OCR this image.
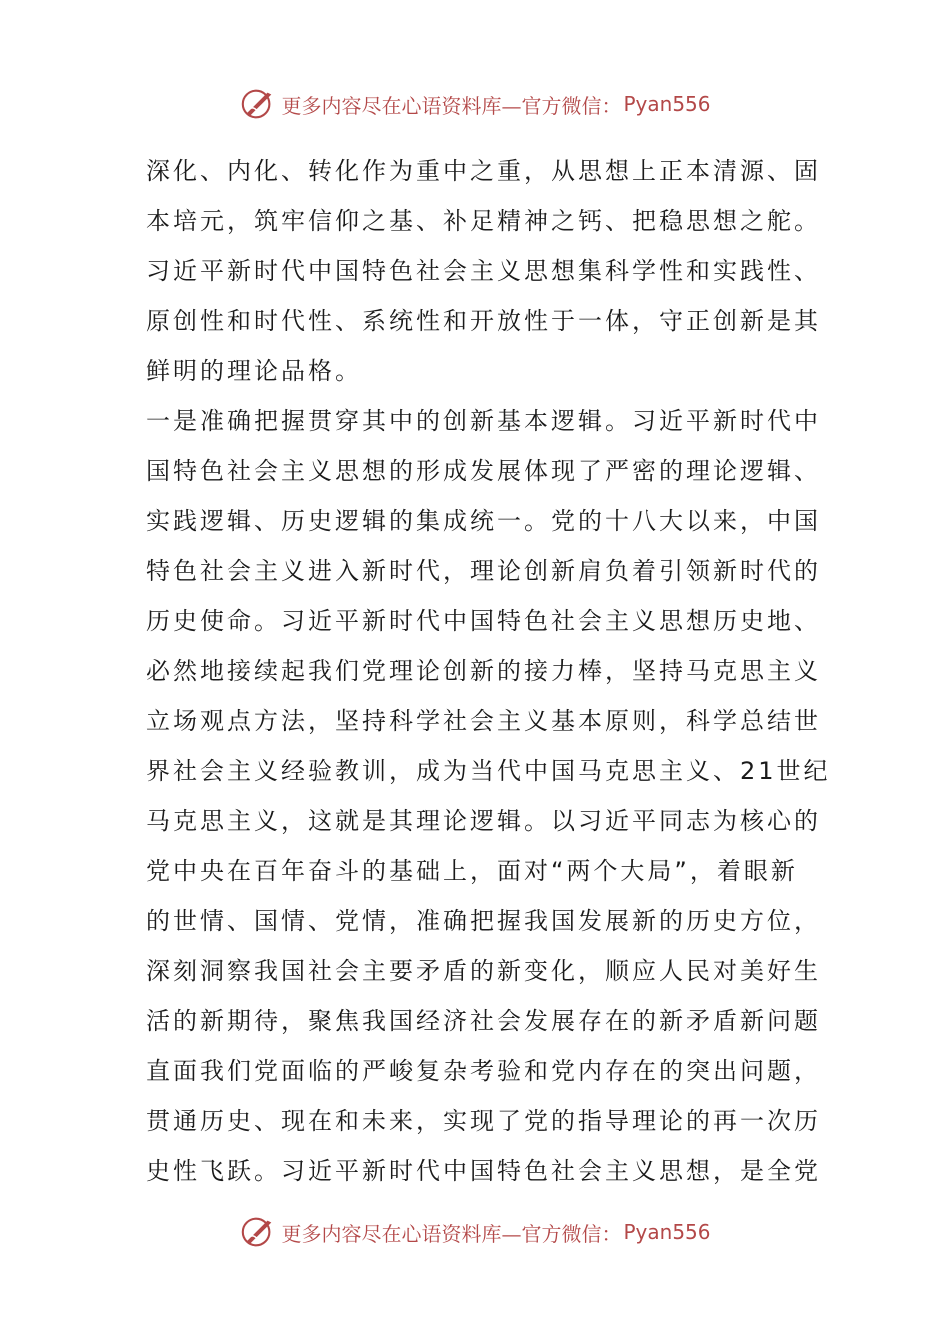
更多内容尽在心语资料库—官方微信： Pyan556
深化、内化、转化作为重中之重，从思想上正本清源、固
本培元，筑牢信仰之基、补足精神之钙、把稳思想之舵。
习近平新时代中国特色社会主义思想集科学性和实践性、
原创性和时代性、系统性和开放性于一体，守正创新是其
鲜明的理论品格。
一是准确把握贯穿其中的创新基本逻辑。习近平新时代中
国特色社会主义思想的形成发展体现了严密的理论逻辑、
实践逻辑、历史逻辑的集成统一。党的十八大以来，中国
特色社会主义进入新时代，理论创新肩负着引领新时代的
历史使命。习近平新时代中国特色社会主义思想历史地、
必然地接续起我们党理论创新的接力棒，坚持马克思主义
立场观点方法，坚持科学社会主义基本原则，科学总结世
界社会主义经验教训，成为当代中国马克思主义、21世纪
马克思主义，这就是其理论逻辑。以习近平同志为核心的
党中央在百年奋斗的基础上，面对“两个大局”，着眼新
的世情、国情、党情，准确把握我国发展新的历史方位，
深刻洞察我国社会主要矛盾的新变化，顺应人民对美好生
活的新期待，聚焦我国经济社会发展存在的新矛盾新问题
直面我们党面临的严峻复杂考验和党内存在的突出问题，
贯通历史、现在和未来，实现了党的指导理论的再一次历
史性飞跃。习近平新时代中国特色社会主义思想，是全党
更多内容尽在心语资料库—官方微信： Pyan556
